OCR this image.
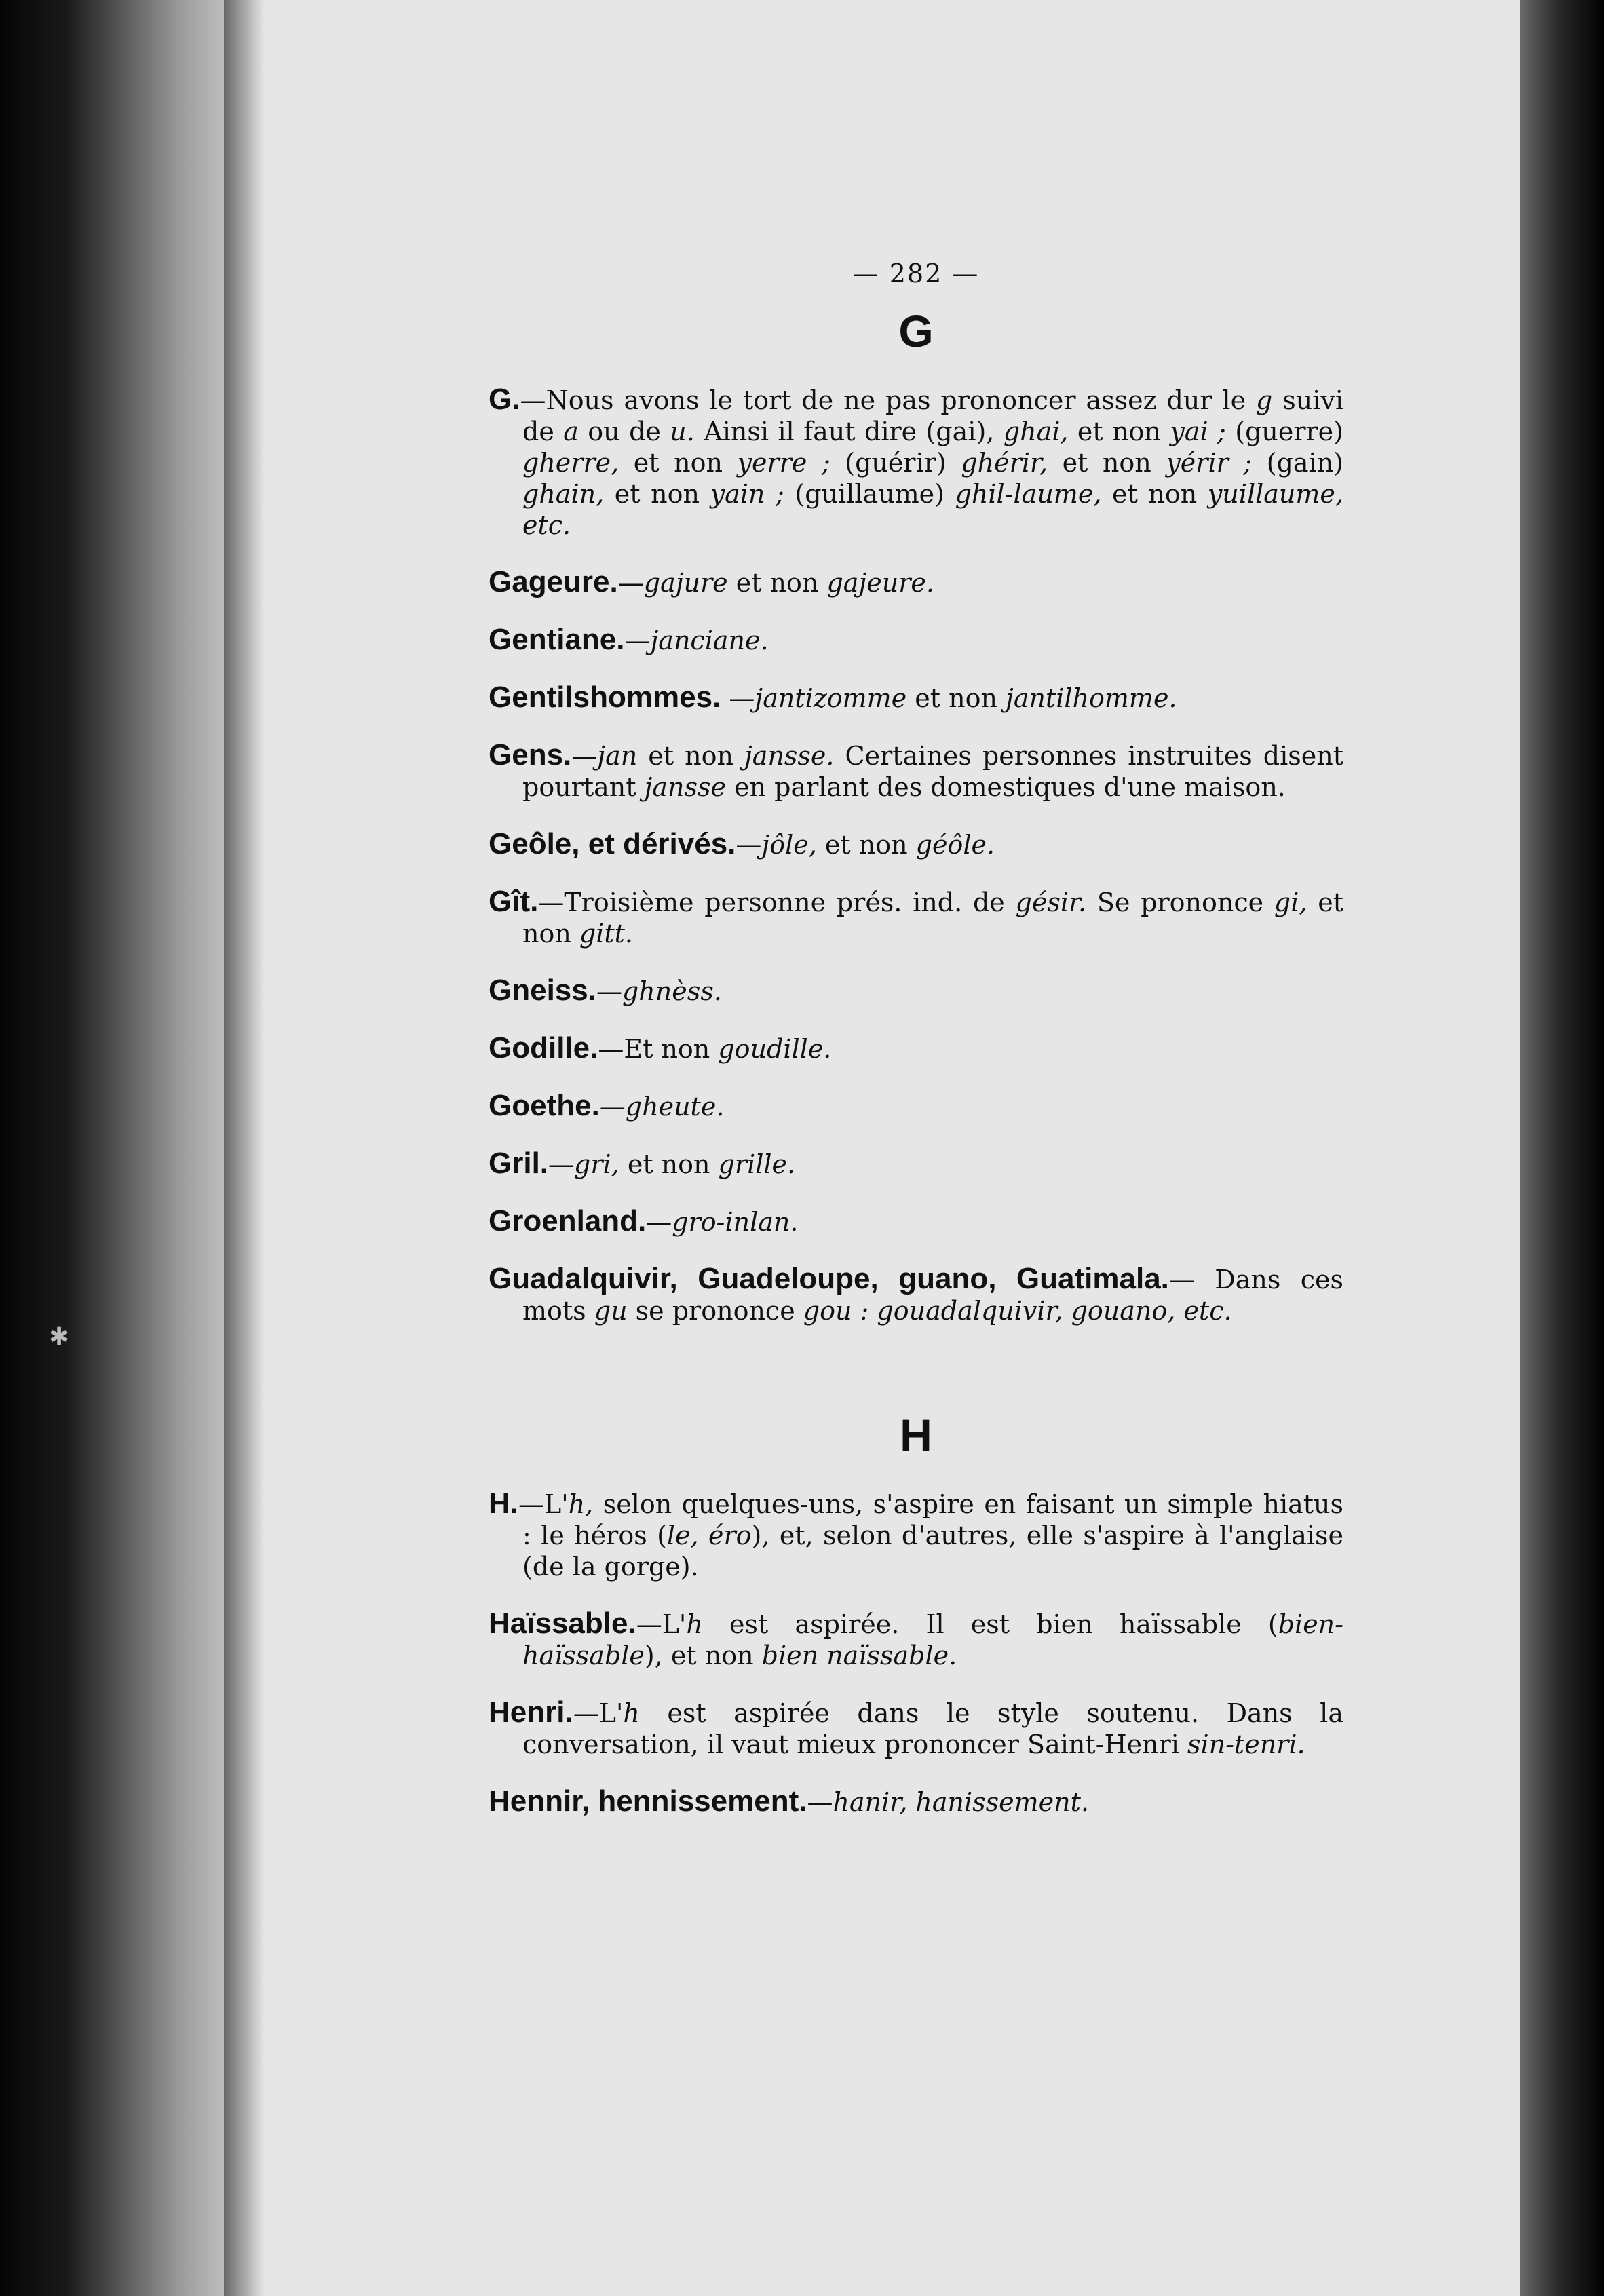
✱
— 282 —
G

G.—Nous avons le tort de ne pas prononcer assez dur le g suivi de a ou de u. Ainsi il faut dire (gai), ghai, et non yai ; (guerre) gherre, et non yerre ; (guérir) ghérir, et non yérir ; (gain) ghain, et non yain ; (guillaume) ghil-laume, et non yuillaume, etc.

Gageure.—gajure et non gajeure.

Gentiane.—janciane.

Gentilshommes. —jantizomme et non jantilhomme.

Gens.—jan et non jansse. Certaines personnes instruites disent pourtant jansse en parlant des domestiques d'une maison.

Geôle, et dérivés.—jôle, et non géôle.

Gît.—Troisième personne prés. ind. de gésir. Se prononce gi, et non gitt.

Gneiss.—ghnèss.

Godille.—Et non goudille.

Goethe.—gheute.

Gril.—gri, et non grille.

Groenland.—gro-inlan.

Guadalquivir, Guadeloupe, guano, Guatimala.— Dans ces mots gu se prononce gou : gouadalquivir, gouano, etc.

H

H.—L'h, selon quelques-uns, s'aspire en faisant un simple hiatus : le héros (le, éro), et, selon d'autres, elle s'aspire à l'anglaise (de la gorge).

Haïssable.—L'h est aspirée. Il est bien haïssable (bien-haïssable), et non bien naïssable.

Henri.—L'h est aspirée dans le style soutenu. Dans la conversation, il vaut mieux prononcer Saint-Henri sin-tenri.

Hennir, hennissement.—hanir, hanissement.
